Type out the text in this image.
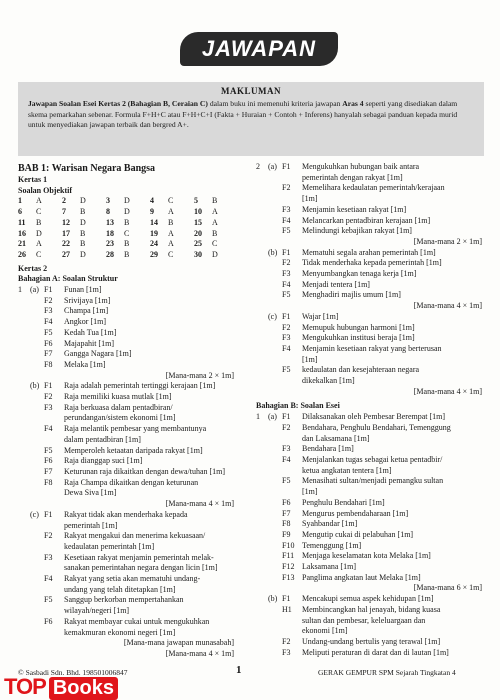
JAWAPAN
MAKLUMAN
Jawapan Soalan Esei Kertas 2 (Bahagian B, Ceraian C) dalam buku ini memenuhi kriteria jawapan Aras 4 seperti yang disediakan dalam skema pemarkahan sebenar. Formula F+H+C atau F+H+C+I (Fakta + Huraian + Contoh + Inferens) hanyalah sebagai panduan kepada murid untuk menyediakan jawapan terbaik dan bergred A+.
BAB 1: Warisan Negara Bangsa
Kertas 1
Soalan Objektif
1	A	2	D	3	D	4	C	5	B
6	C	7	B	8	D	9	A	10	A
11	B	12	D	13	B	14	B	15	A
16	D	17	B	18	C	19	A	20	B
21	A	22	B	23	B	24	A	25	C
26	C	27	D	28	B	29	C	30	D
Kertas 2
Bahagian A: Soalan Struktur
1	(a) F1	Funan [1m]
F2	Srivijaya [1m]
F3	Champa [1m]
F4	Angkor [1m]
F5	Kedah Tua [1m]
F6	Majapahit [1m]
F7	Gangga Nagara [1m]
F8	Melaka [1m]
[Mana-mana 2 × 1m]
(b) F1	Raja adalah pemerintah tertinggi kerajaan [1m]
F2	Raja memiliki kuasa mutlak [1m]
F3	Raja berkuasa dalam pentadbiran/
perundangan/sistem ekonomi [1m]
F4	Raja melantik pembesar yang membantunya
dalam pentadbiran [1m]
F5	Memperoleh ketaatan daripada rakyat [1m]
F6	Raja dianggap suci [1m]
F7	Keturunan raja dikaitkan dengan dewa/tuhan [1m]
F8	Raja Champa dikaitkan dengan keturunan
Dewa Siva [1m]
[Mana-mana 4 × 1m]
(c) F1	Rakyat tidak akan menderhaka kepada
pemerintah [1m]
F2	Rakyat mengakui dan menerima kekuasaan/
kedaulatan pemerintah [1m]
F3	Kesetiaan rakyat menjamin pemerintah melak-
sanakan pemerintahan negara dengan licin [1m]
F4	Rakyat yang setia akan mematuhi undang-
undang yang telah ditetapkan [1m]
F5	Sanggup berkorban mempertahankan
wilayah/negeri [1m]
F6	Rakyat membayar cukai untuk mengukuhkan
kemakmuran ekonomi negeri [1m]
[Mana-mana jawapan munasabah]
[Mana-mana 4 × 1m]
2	(a) F1	Mengukuhkan hubungan baik antara
pemerintah dengan rakyat [1m]
F2	Memelihara kedaulatan pemerintah/kerajaan
[1m]
F3	Menjamin kesetiaan rakyat [1m]
F4	Melancarkan pentadbiran kerajaan [1m]
F5	Melindungi kebajikan rakyat [1m]
[Mana-mana 2 × 1m]
(b) F1	Mematuhi segala arahan pemerintah [1m]
F2	Tidak menderhaka kepada pemerintah [1m]
F3	Menyumbangkan tenaga kerja [1m]
F4	Menjadi tentera [1m]
F5	Menghadiri majlis umum [1m]
[Mana-mana 4 × 1m]
(c) F1	Wajar [1m]
F2	Memupuk hubungan harmoni [1m]
F3	Mengukuhkan institusi beraja [1m]
F4	Menjamin kesetiaan rakyat yang berterusan
[1m]
F5	kedaulatan dan kesejahteraan negara
dikekalkan [1m]
[Mana-mana 4 × 1m]
Bahagian B: Soalan Esei
1	(a) F1	Dilaksanakan oleh Pembesar Berempat [1m]
F2	Bendahara, Penghulu Bendahari, Temenggung
dan Laksamana [1m]
F3	Bendahara [1m]
F4	Menjalankan tugas sebagai ketua pentadbir/
ketua angkatan tentera [1m]
F5	Menasihati sultan/menjadi pemangku sultan
[1m]
F6	Penghulu Bendahari [1m]
F7	Mengurus pembendaharaan [1m]
F8	Syahbandar [1m]
F9	Mengutip cukai di pelabuhan [1m]
F10 Temenggung [1m]
F11 Menjaga keselamatan kota Melaka [1m]
F12 Laksamana [1m]
F13 Panglima angkatan laut Melaka [1m]
[Mana-mana 6 × 1m]
(b) F1	Mencakupi semua aspek kehidupan [1m]
H1	Membincangkan hal jenayah, bidang kuasa
sultan dan pembesar, keleluargaan dan
ekonomi [1m]
F2	Undang-undang bertulis yang terawal [1m]
F3	Meliputi peraturan di darat dan di lautan [1m]
© Sasbadi Sdn. Bhd. 198501006847	1	GERAK GEMPUR SPM Sejarah Tingkatan 4
TOP Books
